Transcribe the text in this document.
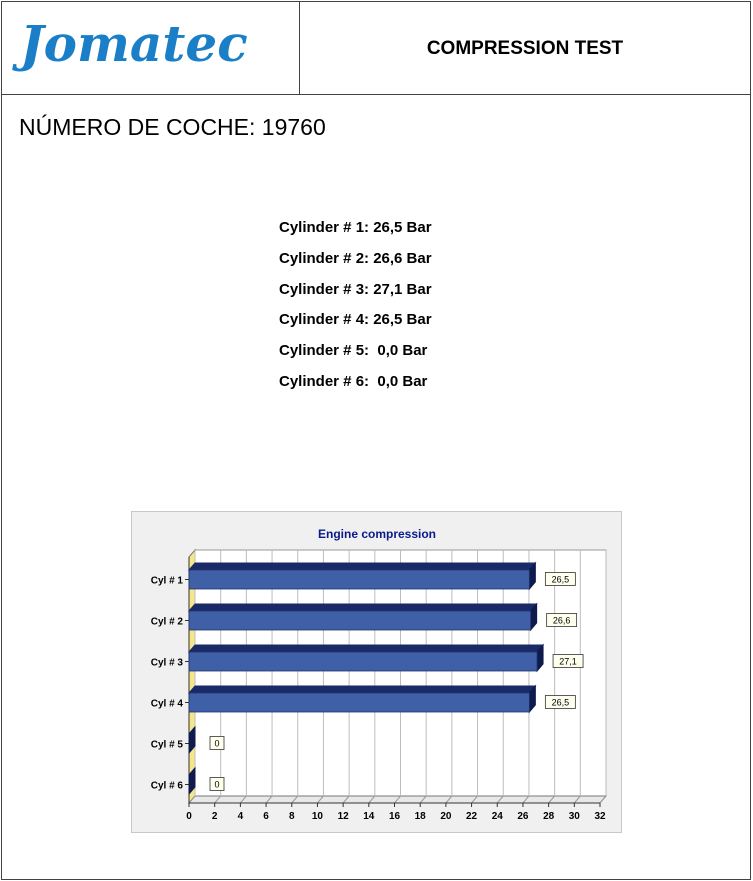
Jomatec	COMPRESSION TEST
NÚMERO DE COCHE: 19760
Cylinder # 1: 26,5 Bar
Cylinder # 2: 26,6 Bar
Cylinder # 3: 27,1 Bar
Cylinder # 4: 26,5 Bar
Cylinder # 5:  0,0 Bar
Cylinder # 6:  0,0 Bar
0 2 4 6 8 10 12 14 16 18 20 22 24 26 28 30 32
Engine compression
Cyl # 1	26,5
Cyl # 2	26,6
Cyl # 3	27,1
Cyl # 4	26,5
Cyl # 5	0
Cyl # 6	0
